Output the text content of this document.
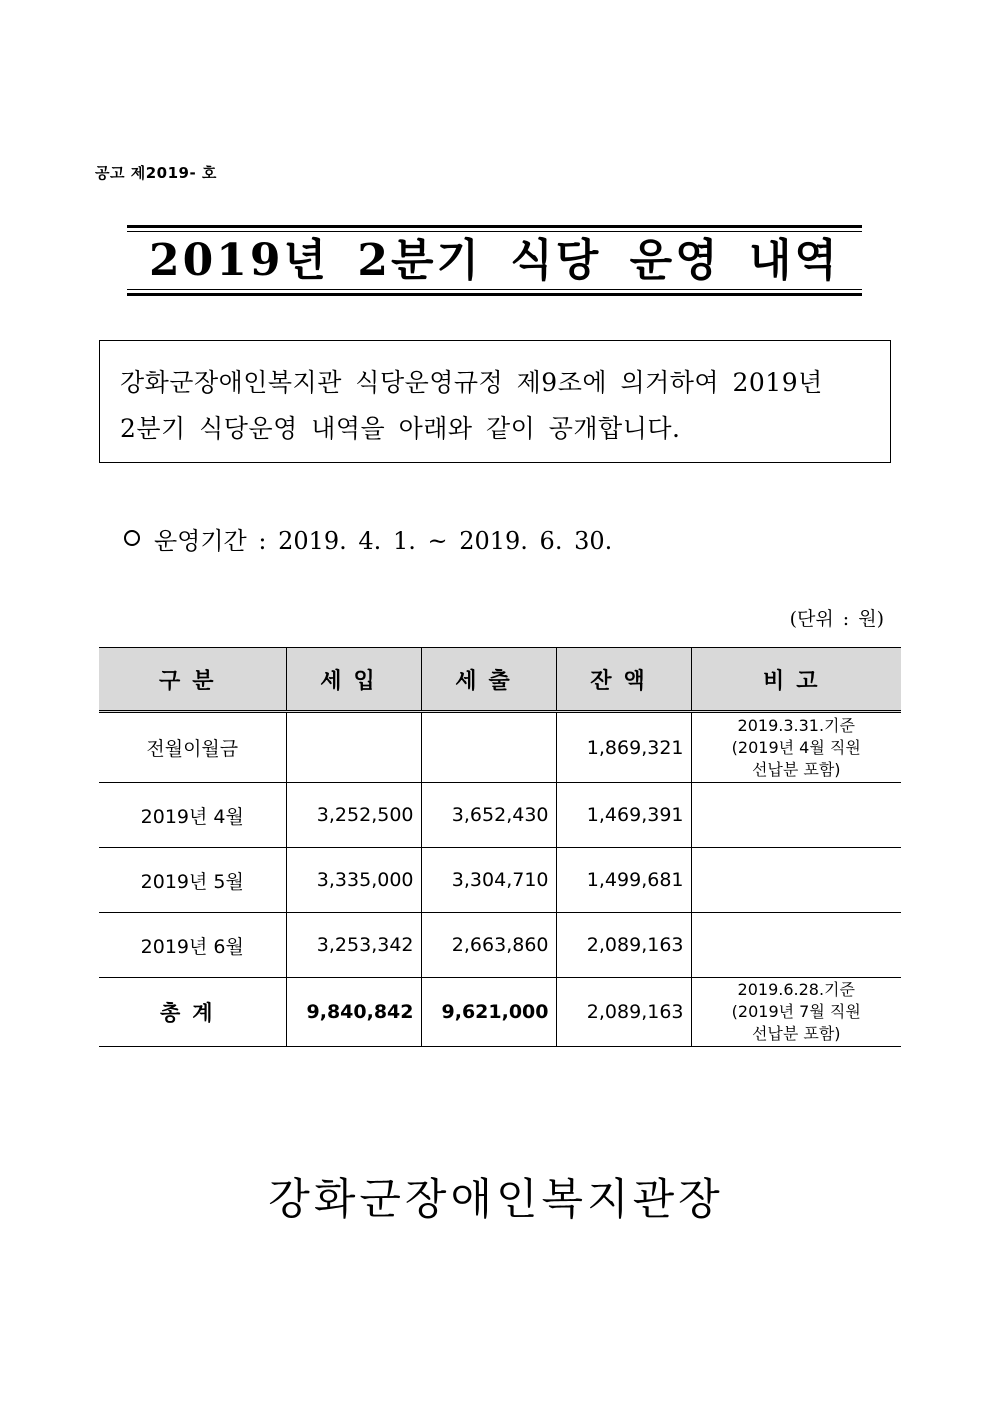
공고 제2019- 호
2019년 2분기 식당 운영 내역
강화군장애인복지관 식당운영규정 제9조에 의거하여 2019년
2분기 식당운영 내역을 아래와 같이 공개합니다.
운영기간 : 2019. 4. 1. ~ 2019. 6. 30.
(단위 : 원)
구분	세입	세출	잔액	비고
전월이월금			1,869,321	2019.3.31.기준
(2019년 4월 직원
선납분 포함)

2019년 4월	3,252,500	3,652,430	1,469,391	
2019년 5월	3,335,000	3,304,710	1,499,681	
2019년 6월	3,253,342	2,663,860	2,089,163	
총계	9,840,842	9,621,000	2,089,163	2019.6.28.기준
(2019년 7월 직원
선납분 포함)
강화군장애인복지관장
